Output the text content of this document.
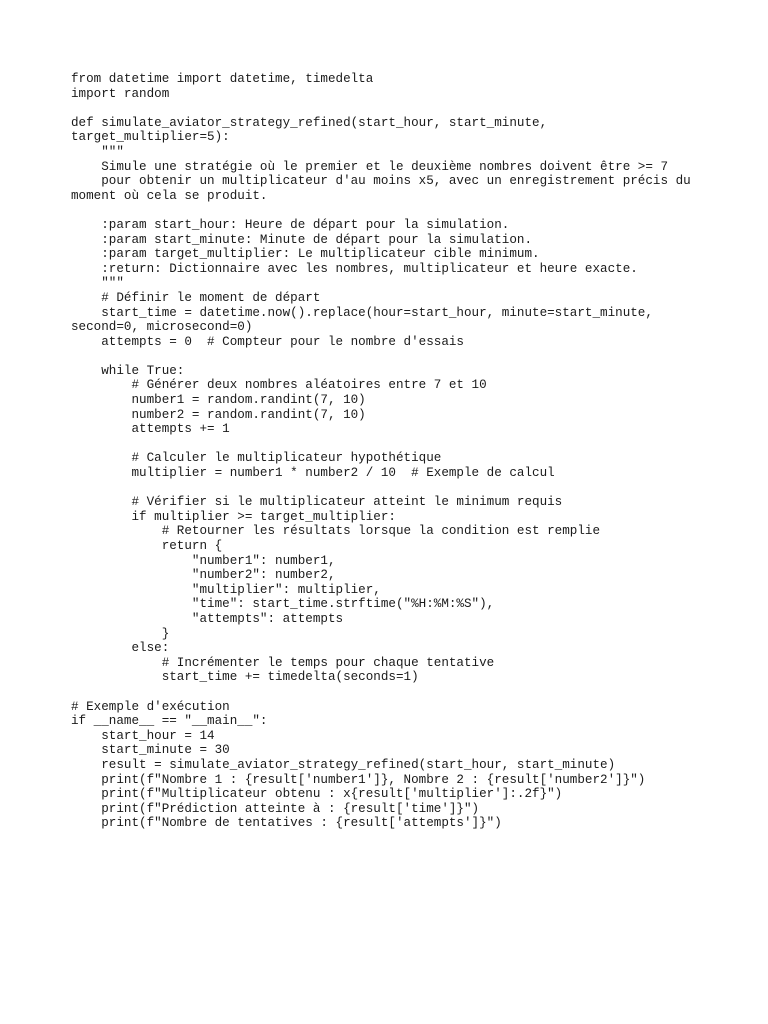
from datetime import datetime, timedelta
import random
def simulate_aviator_strategy_refined(start_hour, start_minute,
target_multiplier=5):
"""
Simule une stratégie où le premier et le deuxième nombres doivent être >= 7
pour obtenir un multiplicateur d'au moins x5, avec un enregistrement précis du
moment où cela se produit.
:param start_hour: Heure de départ pour la simulation.
:param start_minute: Minute de départ pour la simulation.
:param target_multiplier: Le multiplicateur cible minimum.
:return: Dictionnaire avec les nombres, multiplicateur et heure exacte.
"""
# Définir le moment de départ
start_time = datetime.now().replace(hour=start_hour, minute=start_minute,
second=0, microsecond=0)
attempts = 0  # Compteur pour le nombre d'essais
while True:
# Générer deux nombres aléatoires entre 7 et 10
number1 = random.randint(7, 10)
number2 = random.randint(7, 10)
attempts += 1
# Calculer le multiplicateur hypothétique
multiplier = number1 * number2 / 10  # Exemple de calcul
# Vérifier si le multiplicateur atteint le minimum requis
if multiplier >= target_multiplier:
# Retourner les résultats lorsque la condition est remplie
return {
"number1": number1,
"number2": number2,
"multiplier": multiplier,
"time": start_time.strftime("%H:%M:%S"),
"attempts": attempts
}
else:
# Incrémenter le temps pour chaque tentative
start_time += timedelta(seconds=1)
# Exemple d'exécution
if __name__ == "__main__":
start_hour = 14
start_minute = 30
result = simulate_aviator_strategy_refined(start_hour, start_minute)
print(f"Nombre 1 : {result['number1']}, Nombre 2 : {result['number2']}")
print(f"Multiplicateur obtenu : x{result['multiplier']:.2f}")
print(f"Prédiction atteinte à : {result['time']}")
print(f"Nombre de tentatives : {result['attempts']}")
